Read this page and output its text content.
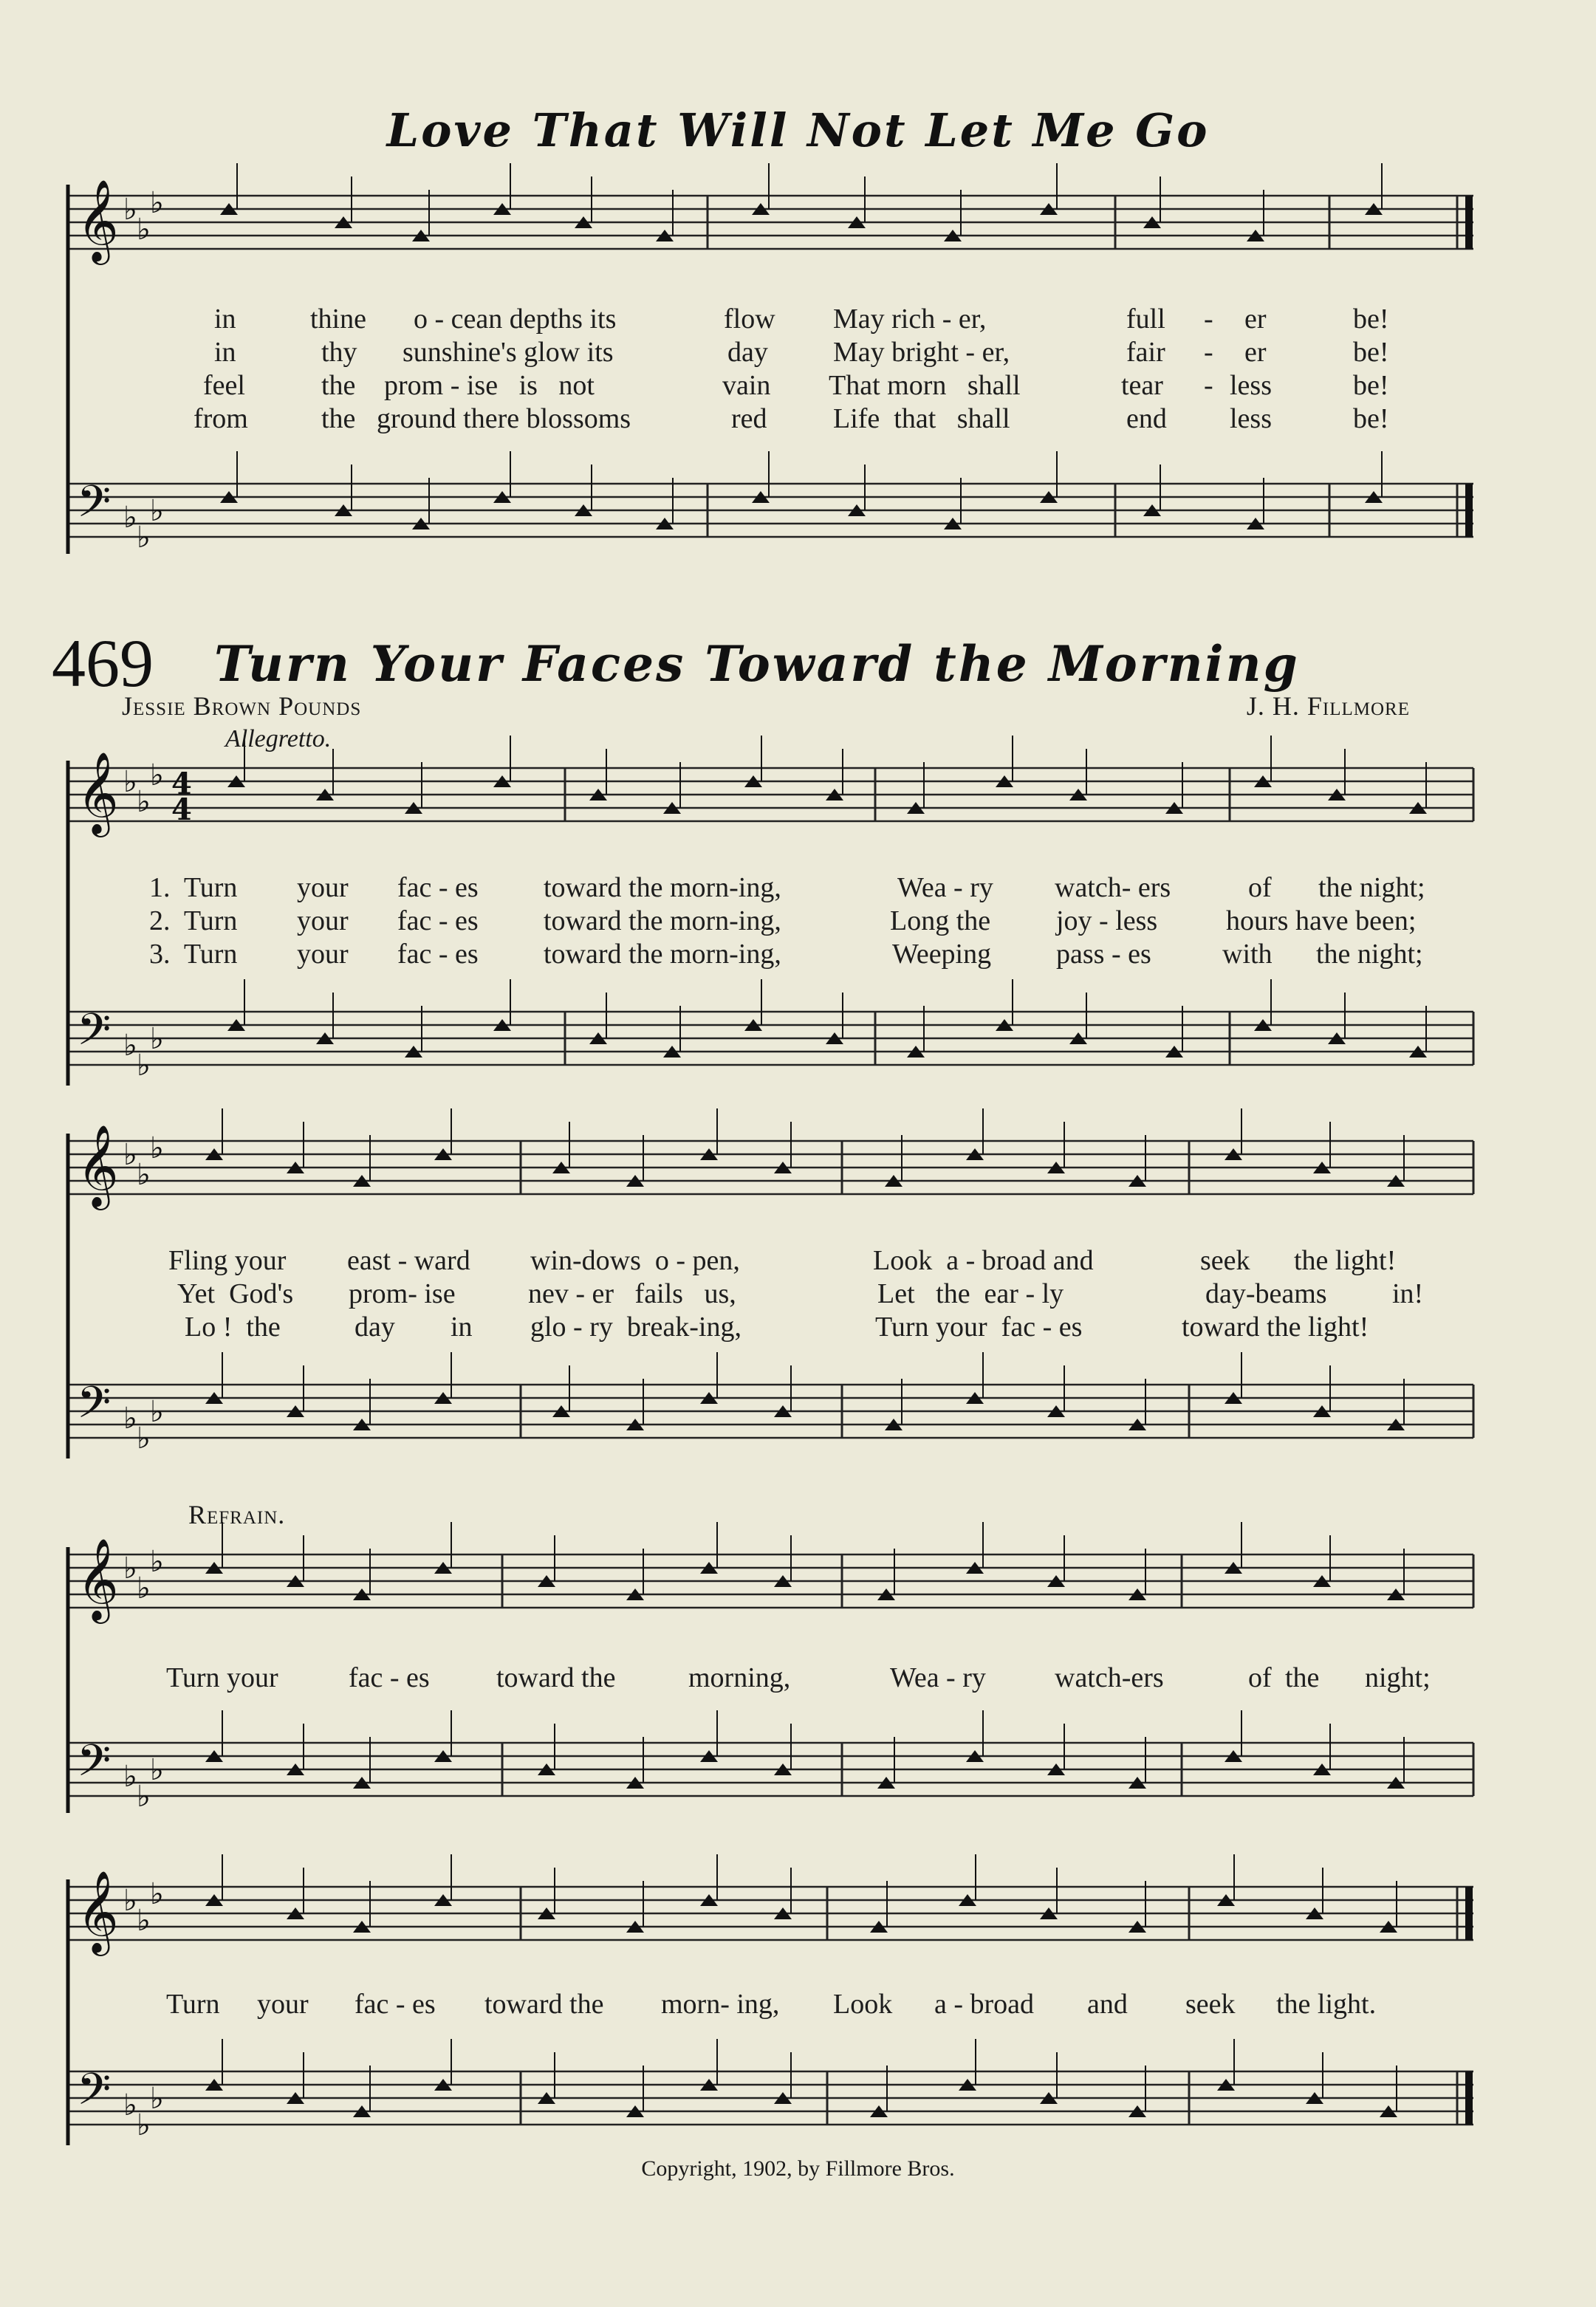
𝄞 ♭
♭
♭
𝄢 ♭
♭
♭
𝄞 ♭
♭
♭
𝄢 ♭
♭
♭
4
4
𝄞 ♭
♭
♭
𝄢 ♭
♭
♭
𝄞 ♭
♭
♭
𝄢 ♭
♭
♭
𝄞 ♭
♭
♭
𝄢 ♭
♭
♭
Love That Will Not Let Me Go
in	thine o - cean depths its	flow May rich - er,	full - er	be!
in	thy sunshine's glow its	day May bright - er,	fair - er	be!
feel	the prom - ise   is   not	vain That morn   shall	tear - less	be!
from	the ground there blossoms	red Life  that   shall	end less	be!
469 Turn Your Faces Toward the Morning
Jessie Brown Pounds	J. H. Fillmore
Allegretto.
1.  Turn your fac - es toward the morn-ing,	Wea - ry watch- ers	of the night;
2.  Turn your fac - es toward the morn-ing,	Long the joy - less hours have been;
3.  Turn your fac - es toward the morn-ing,	Weeping pass - es	with the night;
Fling your east - ward win-dows  o - pen,	Look  a - broad and	seek the light!
Yet  God's prom- ise	nev - er   fails   us,	Let   the  ear - ly	day-beams in!
Lo !  the	day in glo - ry  break-ing,	Turn your  fac - es	toward the light!
Refrain.
Turn your	fac - es toward the	morning,	Wea - ry watch-ers	of the night;
Turn your fac - es toward the morn- ing, Look a - broad and seek the light.
Copyright, 1902, by Fillmore Bros.
